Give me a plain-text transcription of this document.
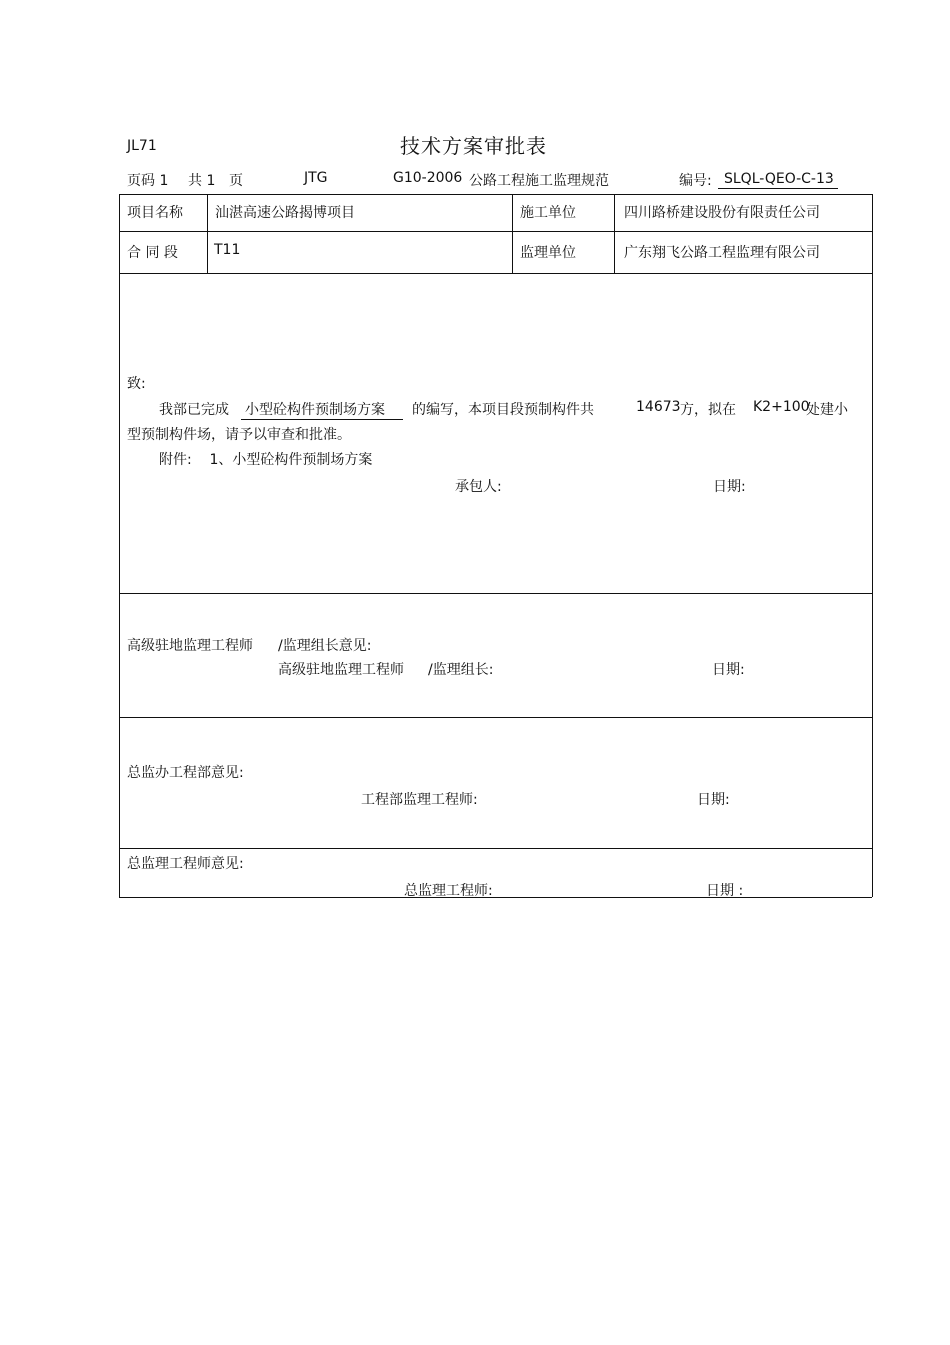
JL71	技术方案审批表
页码 1 共 1 页	JTG	G10-2006 公路工程施工监理规范	编号: SLQL-QEO-C-13
项目名称 汕湛高速公路揭博项目	施工单位	四川路桥建设股份有限责任公司
合 同 段	T11	监理单位	广东翔飞公路工程监理有限公司
致:
我部已完成 小型砼构件预制场方案	的编写，本项目段预制构件共	14673 方，拟在 K2+100
处建小
型预制构件场，请予以审查和批准。
附件:    1、小型砼构件预制场方案
承包人:	日期:
高级驻地监理工程师 /监理组长意见:
高级驻地监理工程师 /监理组长:	日期:
总监办工程部意见:
工程部监理工程师:	日期:
总监理工程师意见:
总监理工程师:	日期 :
